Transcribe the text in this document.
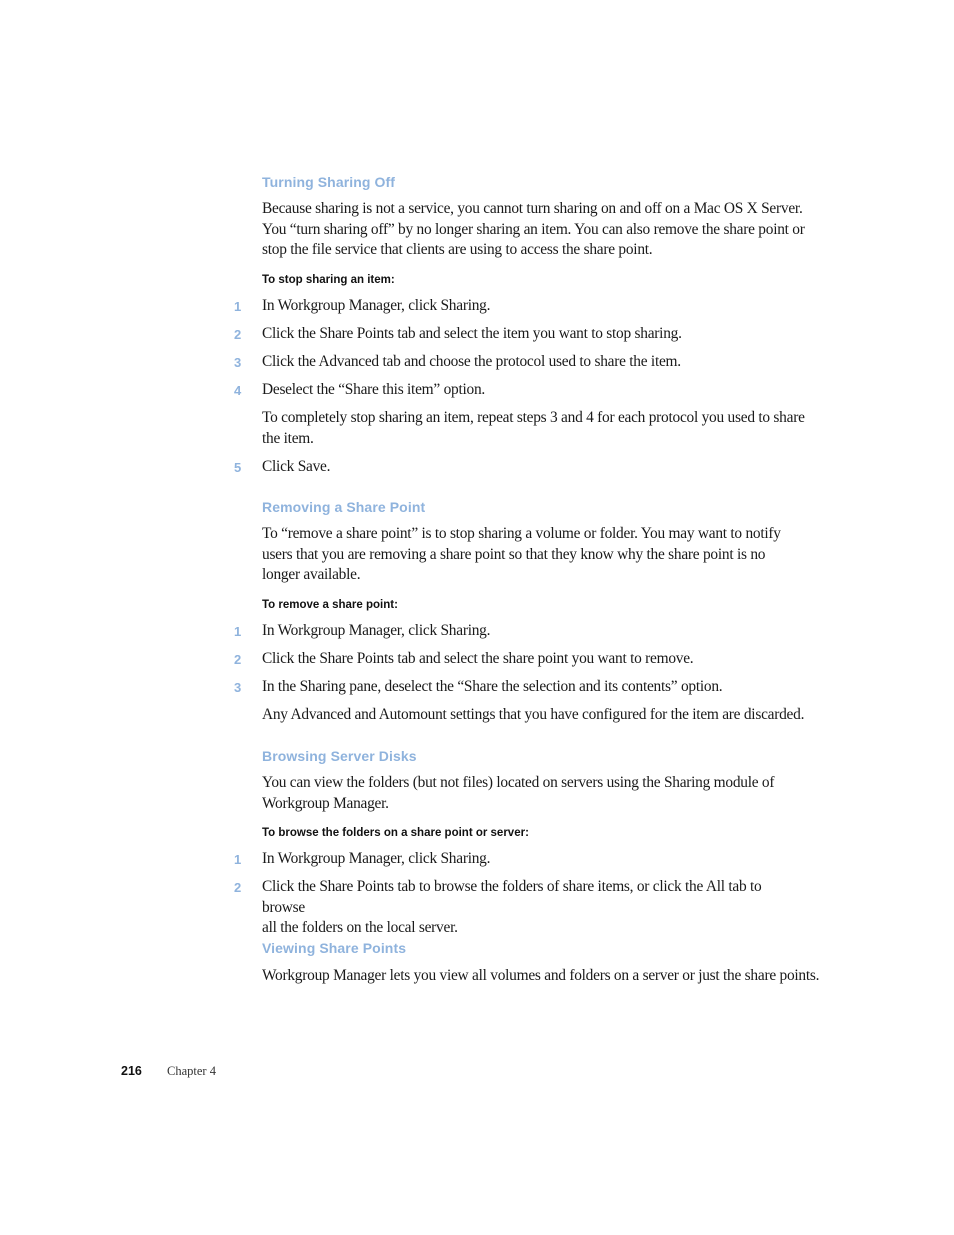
Turning Sharing Off
Because sharing is not a service, you cannot turn sharing on and off on a Mac OS X Server.
You “turn sharing off” by no longer sharing an item. You can also remove the share point or
stop the file service that clients are using to access the share point.
To stop sharing an item:
1	In Workgroup Manager, click Sharing.
2	Click the Share Points tab and select the item you want to stop sharing.
3	Click the Advanced tab and choose the protocol used to share the item.
4	Deselect the “Share this item” option.
To completely stop sharing an item, repeat steps 3 and 4 for each protocol you used to share
the item.
5	Click Save.
Removing a Share Point
To “remove a share point” is to stop sharing a volume or folder. You may want to notify
users that you are removing a share point so that they know why the share point is no
longer available.
To remove a share point:
1	In Workgroup Manager, click Sharing.
2	Click the Share Points tab and select the share point you want to remove.
3	In the Sharing pane, deselect the “Share the selection and its contents” option.
Any Advanced and Automount settings that you have configured for the item are discarded.
Browsing Server Disks
You can view the folders (but not files) located on servers using the Sharing module of
Workgroup Manager.
To browse the folders on a share point or server:
1	In Workgroup Manager, click Sharing.
2	Click the Share Points tab to browse the folders of share items, or click the All tab to browse
all the folders on the local server.
Viewing Share Points
Workgroup Manager lets you view all volumes and folders on a server or just the share points.
216 Chapter 4
